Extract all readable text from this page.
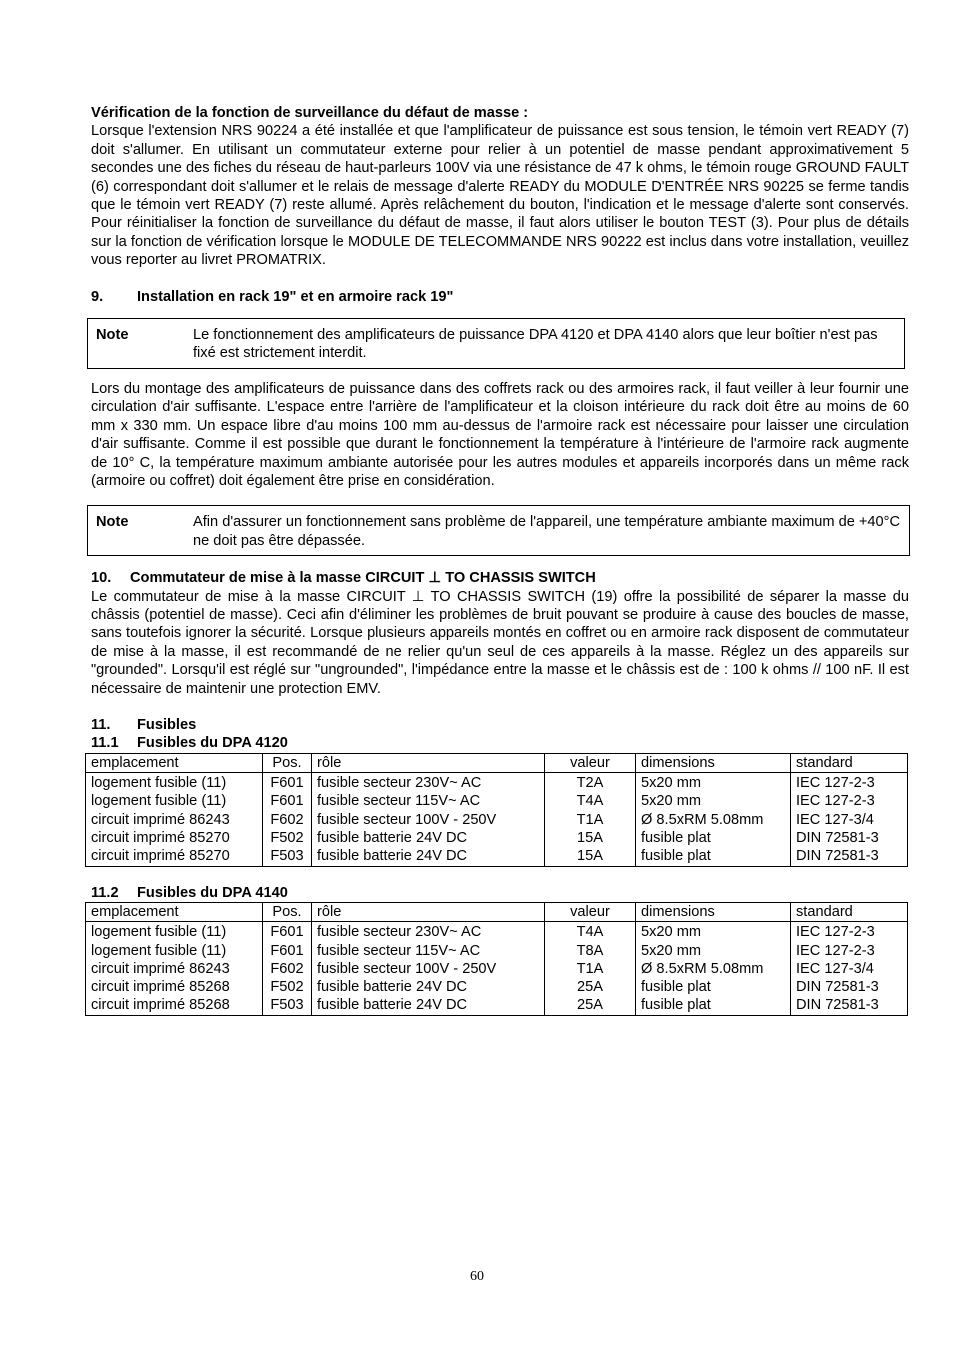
Vérification de la fonction de surveillance du défaut de masse :

Lorsque l'extension NRS 90224 a été installée et que l'amplificateur de puissance est sous tension, le témoin vert READY (7) doit s'allumer. En utilisant un commutateur externe pour relier à un potentiel de masse pendant approximativement 5 secondes une des fiches du réseau de haut-parleurs 100V via une résistance de 47 k ohms, le témoin rouge GROUND FAULT (6) correspondant doit s'allumer et le relais de message d'alerte READY du MODULE D'ENTRÉE NRS 90225 se ferme tandis que le témoin vert READY (7) reste allumé. Après relâchement du bouton, l'indication et le message d'alerte sont conservés. Pour réinitialiser la fonction de surveillance du défaut de masse, il faut alors utiliser le bouton TEST (3). Pour plus de détails sur la fonction de vérification lorsque le MODULE DE TELECOMMANDE NRS 90222 est inclus dans votre installation, veuillez vous reporter au livret PROMATRIX.

9. Installation en rack 19" et en armoire rack 19"
Note	Le fonctionnement des amplificateurs de puissance DPA 4120 et DPA 4140 alors que leur boîtier n'est pas fixé est strictement interdit.

Lors du montage des amplificateurs de puissance dans des coffrets rack ou des armoires rack, il faut veiller à leur fournir une circulation d'air suffisante. L'espace entre l'arrière de l'amplificateur et la cloison intérieure du rack doit être au moins de 60 mm x 330 mm. Un espace libre d'au moins 100 mm au-dessus de l'armoire rack est nécessaire pour laisser une circulation d'air suffisante. Comme il est possible que durant le fonctionnement la température à l'intérieure de l'armoire rack augmente de 10° C, la température maximum ambiante autorisée pour les autres modules et appareils incorporés dans un même rack (armoire ou coffret) doit également être prise en considération.

Note	Afin d'assurer un fonctionnement sans problème de l'appareil, une température ambiante maximum de +40°C ne doit pas être dépassée.
10. Commutateur de mise à la masse CIRCUIT ⊥ TO CHASSIS SWITCH

Le commutateur de mise à la masse CIRCUIT ⊥ TO CHASSIS SWITCH (19) offre la possibilité de séparer la masse du châssis (potentiel de masse). Ceci afin d'éliminer les problèmes de bruit pouvant se produire à cause des boucles de masse, sans toutefois ignorer la sécurité. Lorsque plusieurs appareils montés en coffret ou en armoire rack disposent de commutateur de mise à la masse, il est recommandé de ne relier qu'un seul de ces appareils à la masse. Réglez un des appareils sur "grounded". Lorsqu'il est réglé sur "ungrounded", l'impédance entre la masse et le châssis est de : 100 k ohms // 100 nF. Il est nécessaire de maintenir une protection EMV.

11. Fusibles
11.1 Fusibles du DPA 4120
emplacement	Pos.	rôle	valeur	dimensions	standard
logement fusible (11)	F601	fusible secteur 230V~ AC	T2A	5x20 mm	IEC 127-2-3
logement fusible (11)	F601	fusible secteur 115V~ AC	T4A	5x20 mm	IEC 127-2-3
circuit imprimé 86243	F602	fusible secteur 100V - 250V	T1A	Ø 8.5xRM 5.08mm	IEC 127-3/4
circuit imprimé 85270	F502	fusible batterie 24V DC	15A	fusible plat	DIN 72581-3
circuit imprimé 85270	F503	fusible batterie 24V DC	15A	fusible plat	DIN 72581-3
11.2 Fusibles du DPA 4140
emplacement	Pos.	rôle	valeur	dimensions	standard
logement fusible (11)	F601	fusible secteur 230V~ AC	T4A	5x20 mm	IEC 127-2-3
logement fusible (11)	F601	fusible secteur 115V~ AC	T8A	5x20 mm	IEC 127-2-3
circuit imprimé 86243	F602	fusible secteur 100V - 250V	T1A	Ø 8.5xRM 5.08mm	IEC 127-3/4
circuit imprimé 85268	F502	fusible batterie 24V DC	25A	fusible plat	DIN 72581-3
circuit imprimé 85268	F503	fusible batterie 24V DC	25A	fusible plat	DIN 72581-3
60
